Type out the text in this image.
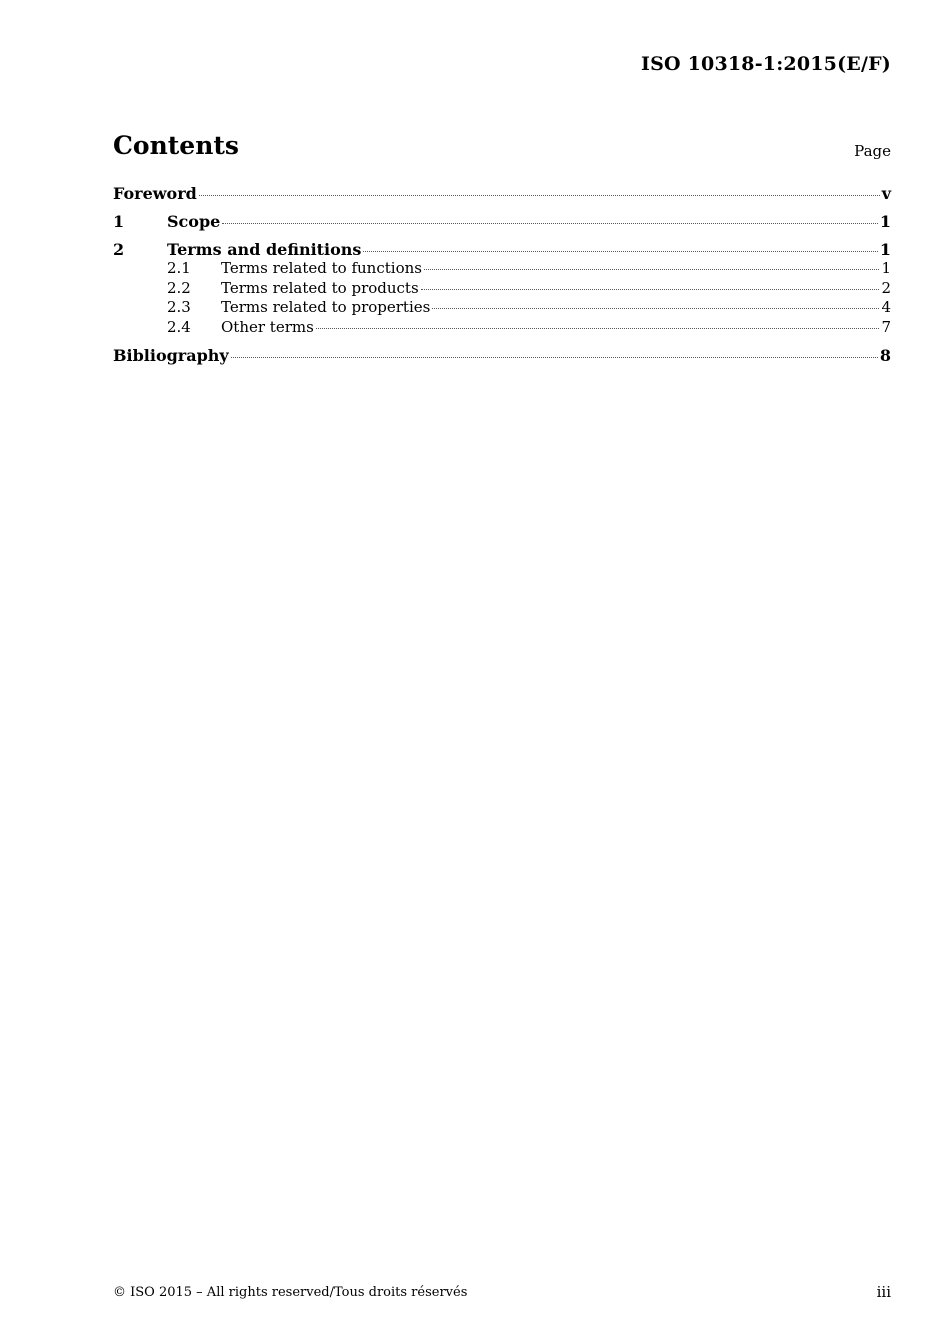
ISO 10318-1:2015(E/F)
Contents	Page
Foreword	v
1	Scope	1
2	Terms and definitions	1
2.1	Terms related to functions	1
2.2	Terms related to products	2
2.3	Terms related to properties	4
2.4	Other terms	7
Bibliography	8
© ISO 2015 – All rights reserved/Tous droits réservés	iii
